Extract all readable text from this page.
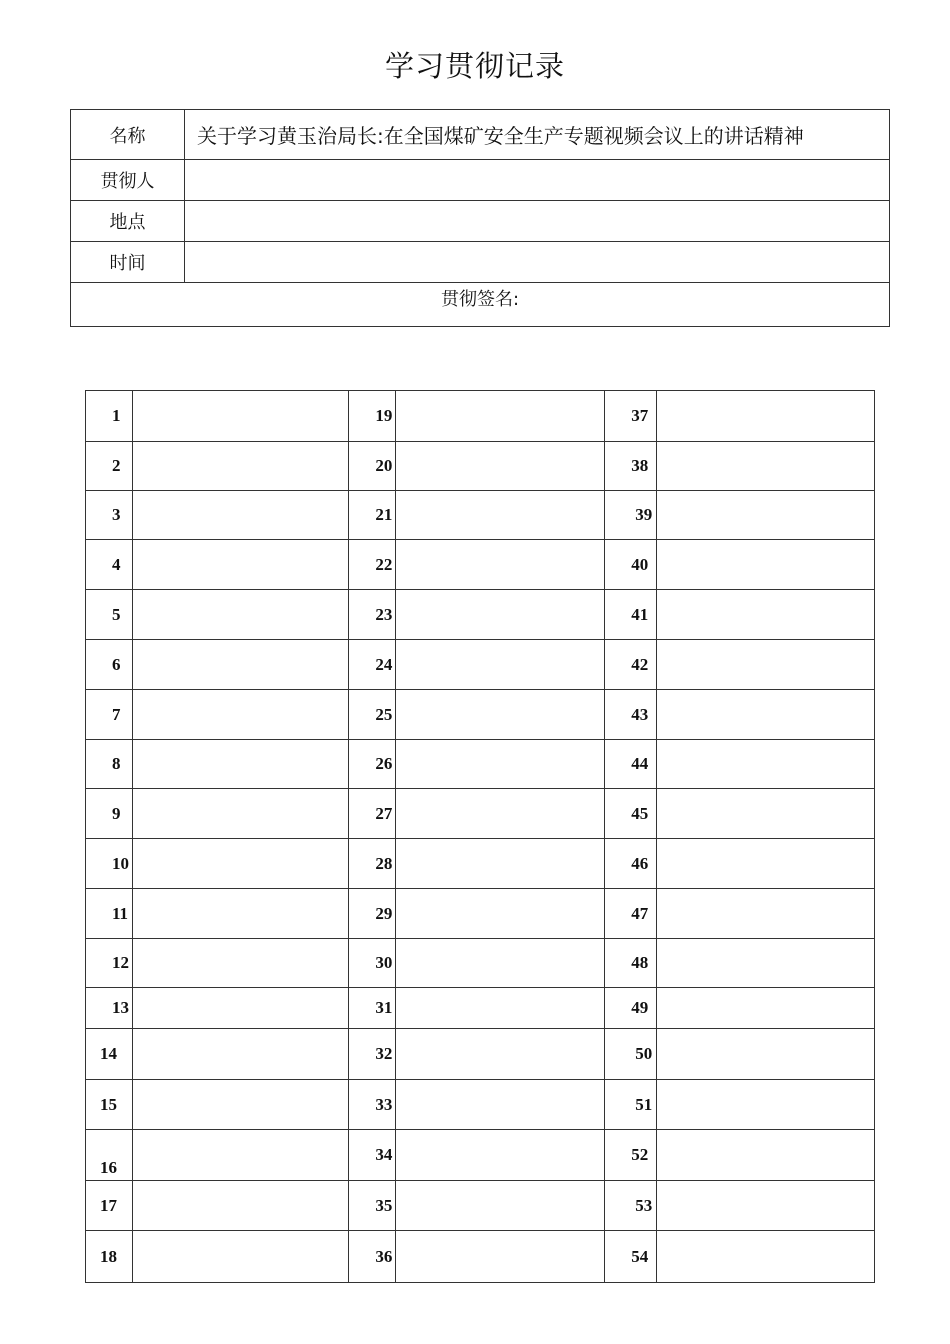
学习贯彻记录
名称	关于学习黄玉治局长:在全国煤矿安全生产专题视频会议上的讲话精神
贯彻人	
地点	
时间	
贯彻签名:	
1		19		37	
2		20		38	
3		21		39	
4		22		40	
5		23		41	
6		24		42	
7		25		43	
8		26		44	
9		27		45	
10		28		46	
11		29		47	
12		30		48	
13		31		49	
14		32		50	
15		33		51	
16		34		52	
17		35		53	
18		36		54	
